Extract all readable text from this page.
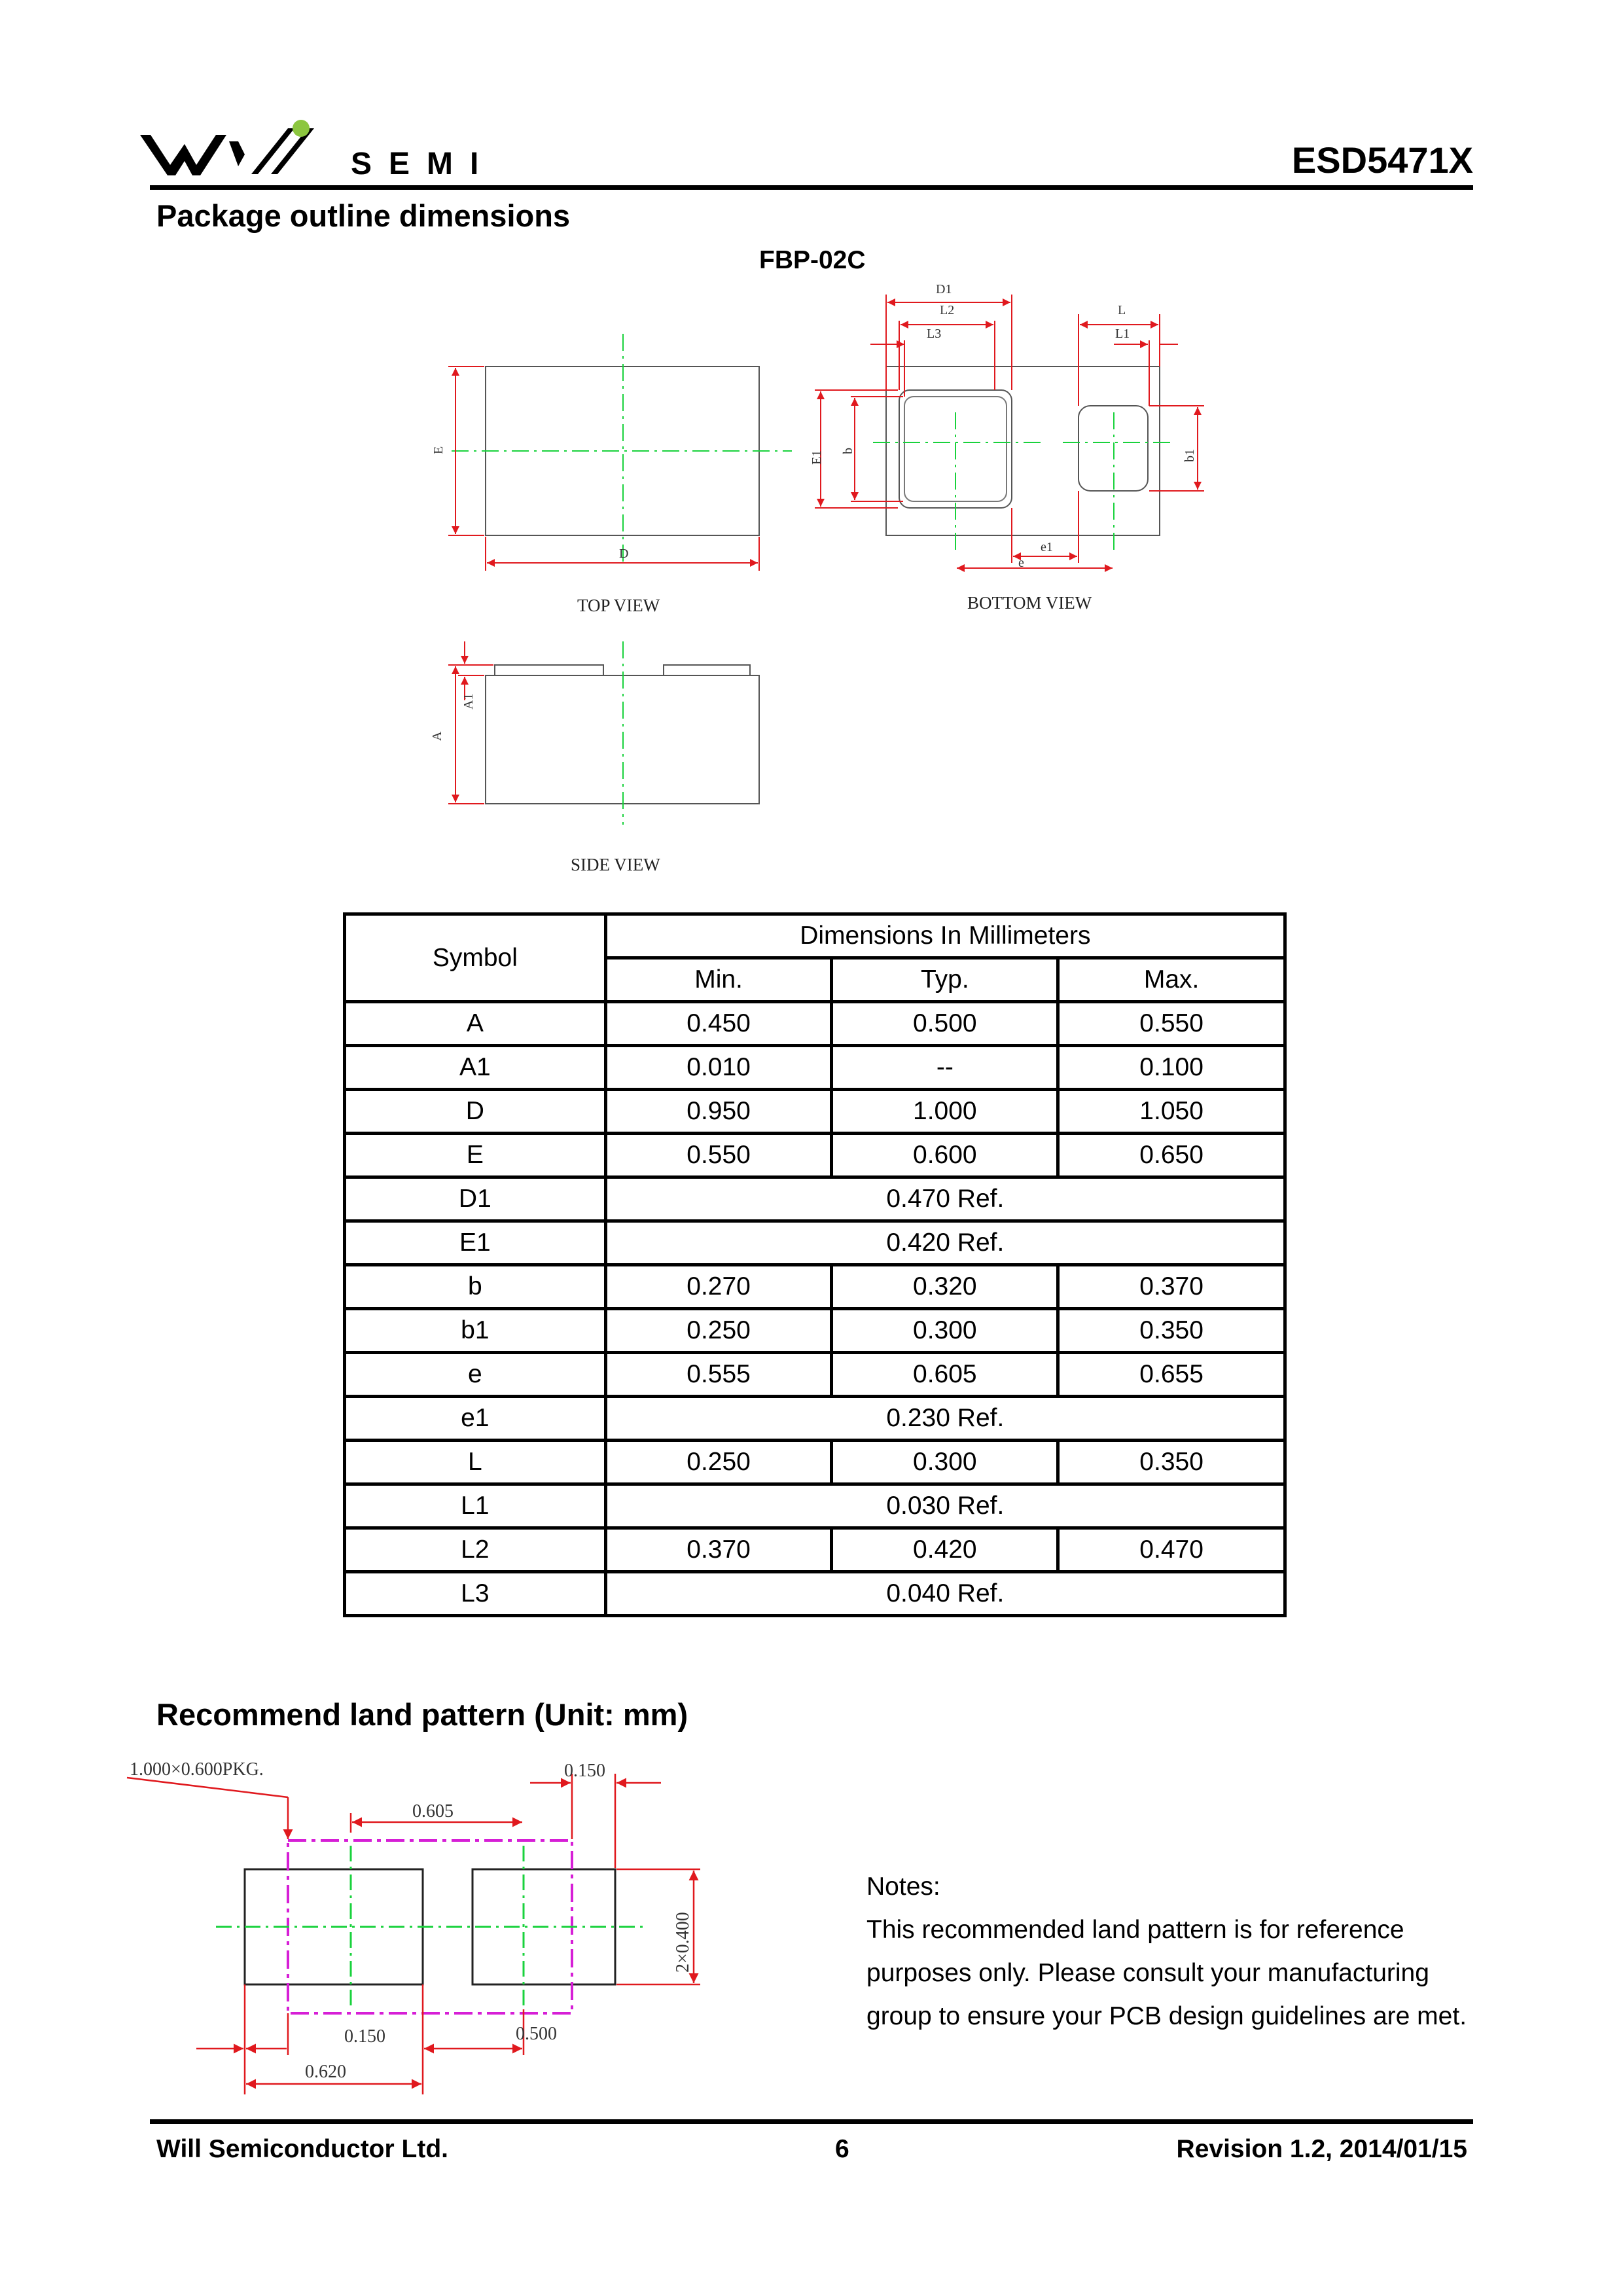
SEMI	ESD5471X
Package outline dimensions
FBP-02C
E
D
E1 b	b1
D1
L2
L3
L
L1
e1
e
A
A1
TOP VIEW	BOTTOM VIEW
SIDE VIEW
Symbol	Dimensions In Millimeters		
	Min.	Typ.	Max.
A	0.450	0.500	0.550
A1	0.010	--	0.100
D	0.950	1.000	1.050
E	0.550	0.600	0.650
D1	0.470 Ref.		
E1	0.420 Ref.		
b	0.270	0.320	0.370
b1	0.250	0.300	0.350
e	0.555	0.605	0.655
e1	0.230 Ref.		
L	0.250	0.300	0.350
L1	0.030 Ref.		
L2	0.370	0.420	0.470
L3	0.040 Ref.		
Recommend land pattern (Unit: mm)
1.000×0.600PKG.	0.150
0.605
2×0.400
0.150	0.500
0.620
Notes:
This recommended land pattern is for reference
purposes only. Please consult your manufacturing
group to ensure your PCB design guidelines are met.
Will Semiconductor Ltd.	6	Revision 1.2, 2014/01/15
